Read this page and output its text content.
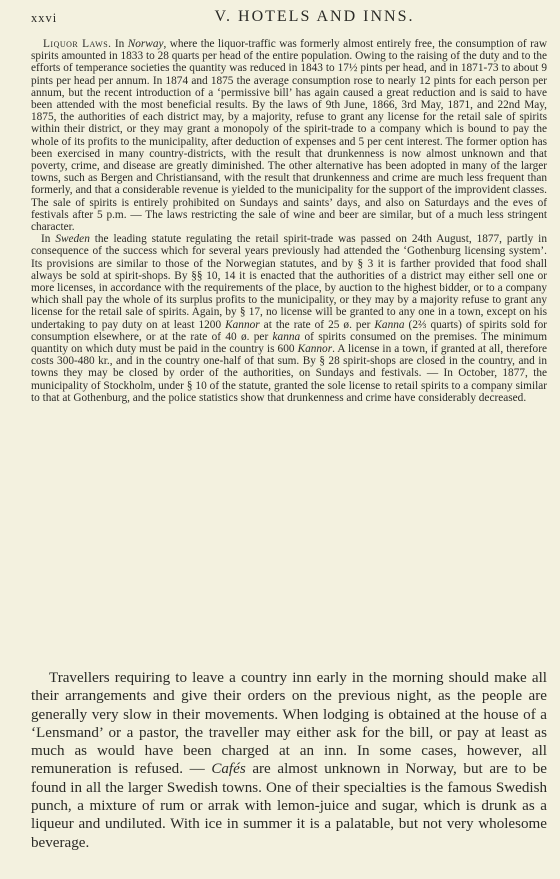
xxvi	V. HOTELS AND INNS.

Liquor Laws. In Norway, where the liquor-traffic was formerly almost entirely free, the consumption of raw spirits amounted in 1833 to 28 quarts per head of the entire population. Owing to the raising of the duty and to the efforts of temperance societies the quantity was reduced in 1843 to 17½ pints per head, and in 1871-73 to about 9 pints per head per annum. In 1874 and 1875 the average consumption rose to nearly 12 pints for each person per annum, but the recent introduction of a ‘permissive bill’ has again caused a great reduction and is said to have been attended with the most beneficial results. By the laws of 9th June, 1866, 3rd May, 1871, and 22nd May, 1875, the authorities of each district may, by a majority, refuse to grant any license for the retail sale of spirits within their district, or they may grant a monopoly of the spirit-trade to a company which is bound to pay the whole of its profits to the municipality, after deduction of expenses and 5 per cent interest. The former option has been exercised in many country-districts, with the result that drunkenness is now almost unknown and that poverty, crime, and disease are greatly diminished. The other alternative has been adopted in many of the larger towns, such as Bergen and Christiansand, with the result that drunkenness and crime are much less frequent than formerly, and that a considerable revenue is yielded to the municipality for the support of the improvident classes. The sale of spirits is entirely prohibited on Sundays and saints’ days, and also on Saturdays and the eves of festivals after 5 p.m. — The laws restricting the sale of wine and beer are similar, but of a much less stringent character.

In Sweden the leading statute regulating the retail spirit-trade was passed on 24th August, 1877, partly in consequence of the success which for several years previously had attended the ‘Gothenburg licensing system’. Its provisions are similar to those of the Norwegian statutes, and by § 3 it is farther provided that food shall always be sold at spirit-shops. By §§ 10, 14 it is enacted that the authorities of a district may either sell one or more licenses, in accordance with the requirements of the place, by auction to the highest bidder, or to a company which shall pay the whole of its surplus profits to the municipality, or they may by a majority refuse to grant any license for the retail sale of spirits. Again, by § 17, no license will be granted to any one in a town, except on his undertaking to pay duty on at least 1200 Kannor at the rate of 25 ø. per Kanna (2⅔ quarts) of spirits sold for consumption elsewhere, or at the rate of 40 ø. per kanna of spirits consumed on the premises. The minimum quantity on which duty must be paid in the country is 600 Kannor. A license in a town, if granted at all, therefore costs 300-480 kr., and in the country one-half of that sum. By § 28 spirit-shops are closed in the country, and in towns they may be closed by order of the authorities, on Sundays and festivals. — In October, 1877, the municipality of Stockholm, under § 10 of the statute, granted the sole license to retail spirits to a company similar to that at Gothenburg, and the police statistics show that drunkenness and crime have considerably decreased.

Travellers requiring to leave a country inn early in the morning should make all their arrangements and give their orders on the previous night, as the people are generally very slow in their movements. When lodging is obtained at the house of a ‘Lensmand’ or a pastor, the traveller may either ask for the bill, or pay at least as much as would have been charged at an inn. In some cases, however, all remuneration is refused. — Cafés are almost unknown in Norway, but are to be found in all the larger Swedish towns. One of their specialties is the famous Swedish punch, a mixture of rum or arrak with lemon-juice and sugar, which is drunk as a liqueur and undiluted. With ice in summer it is a palatable, but not very wholesome beverage.
